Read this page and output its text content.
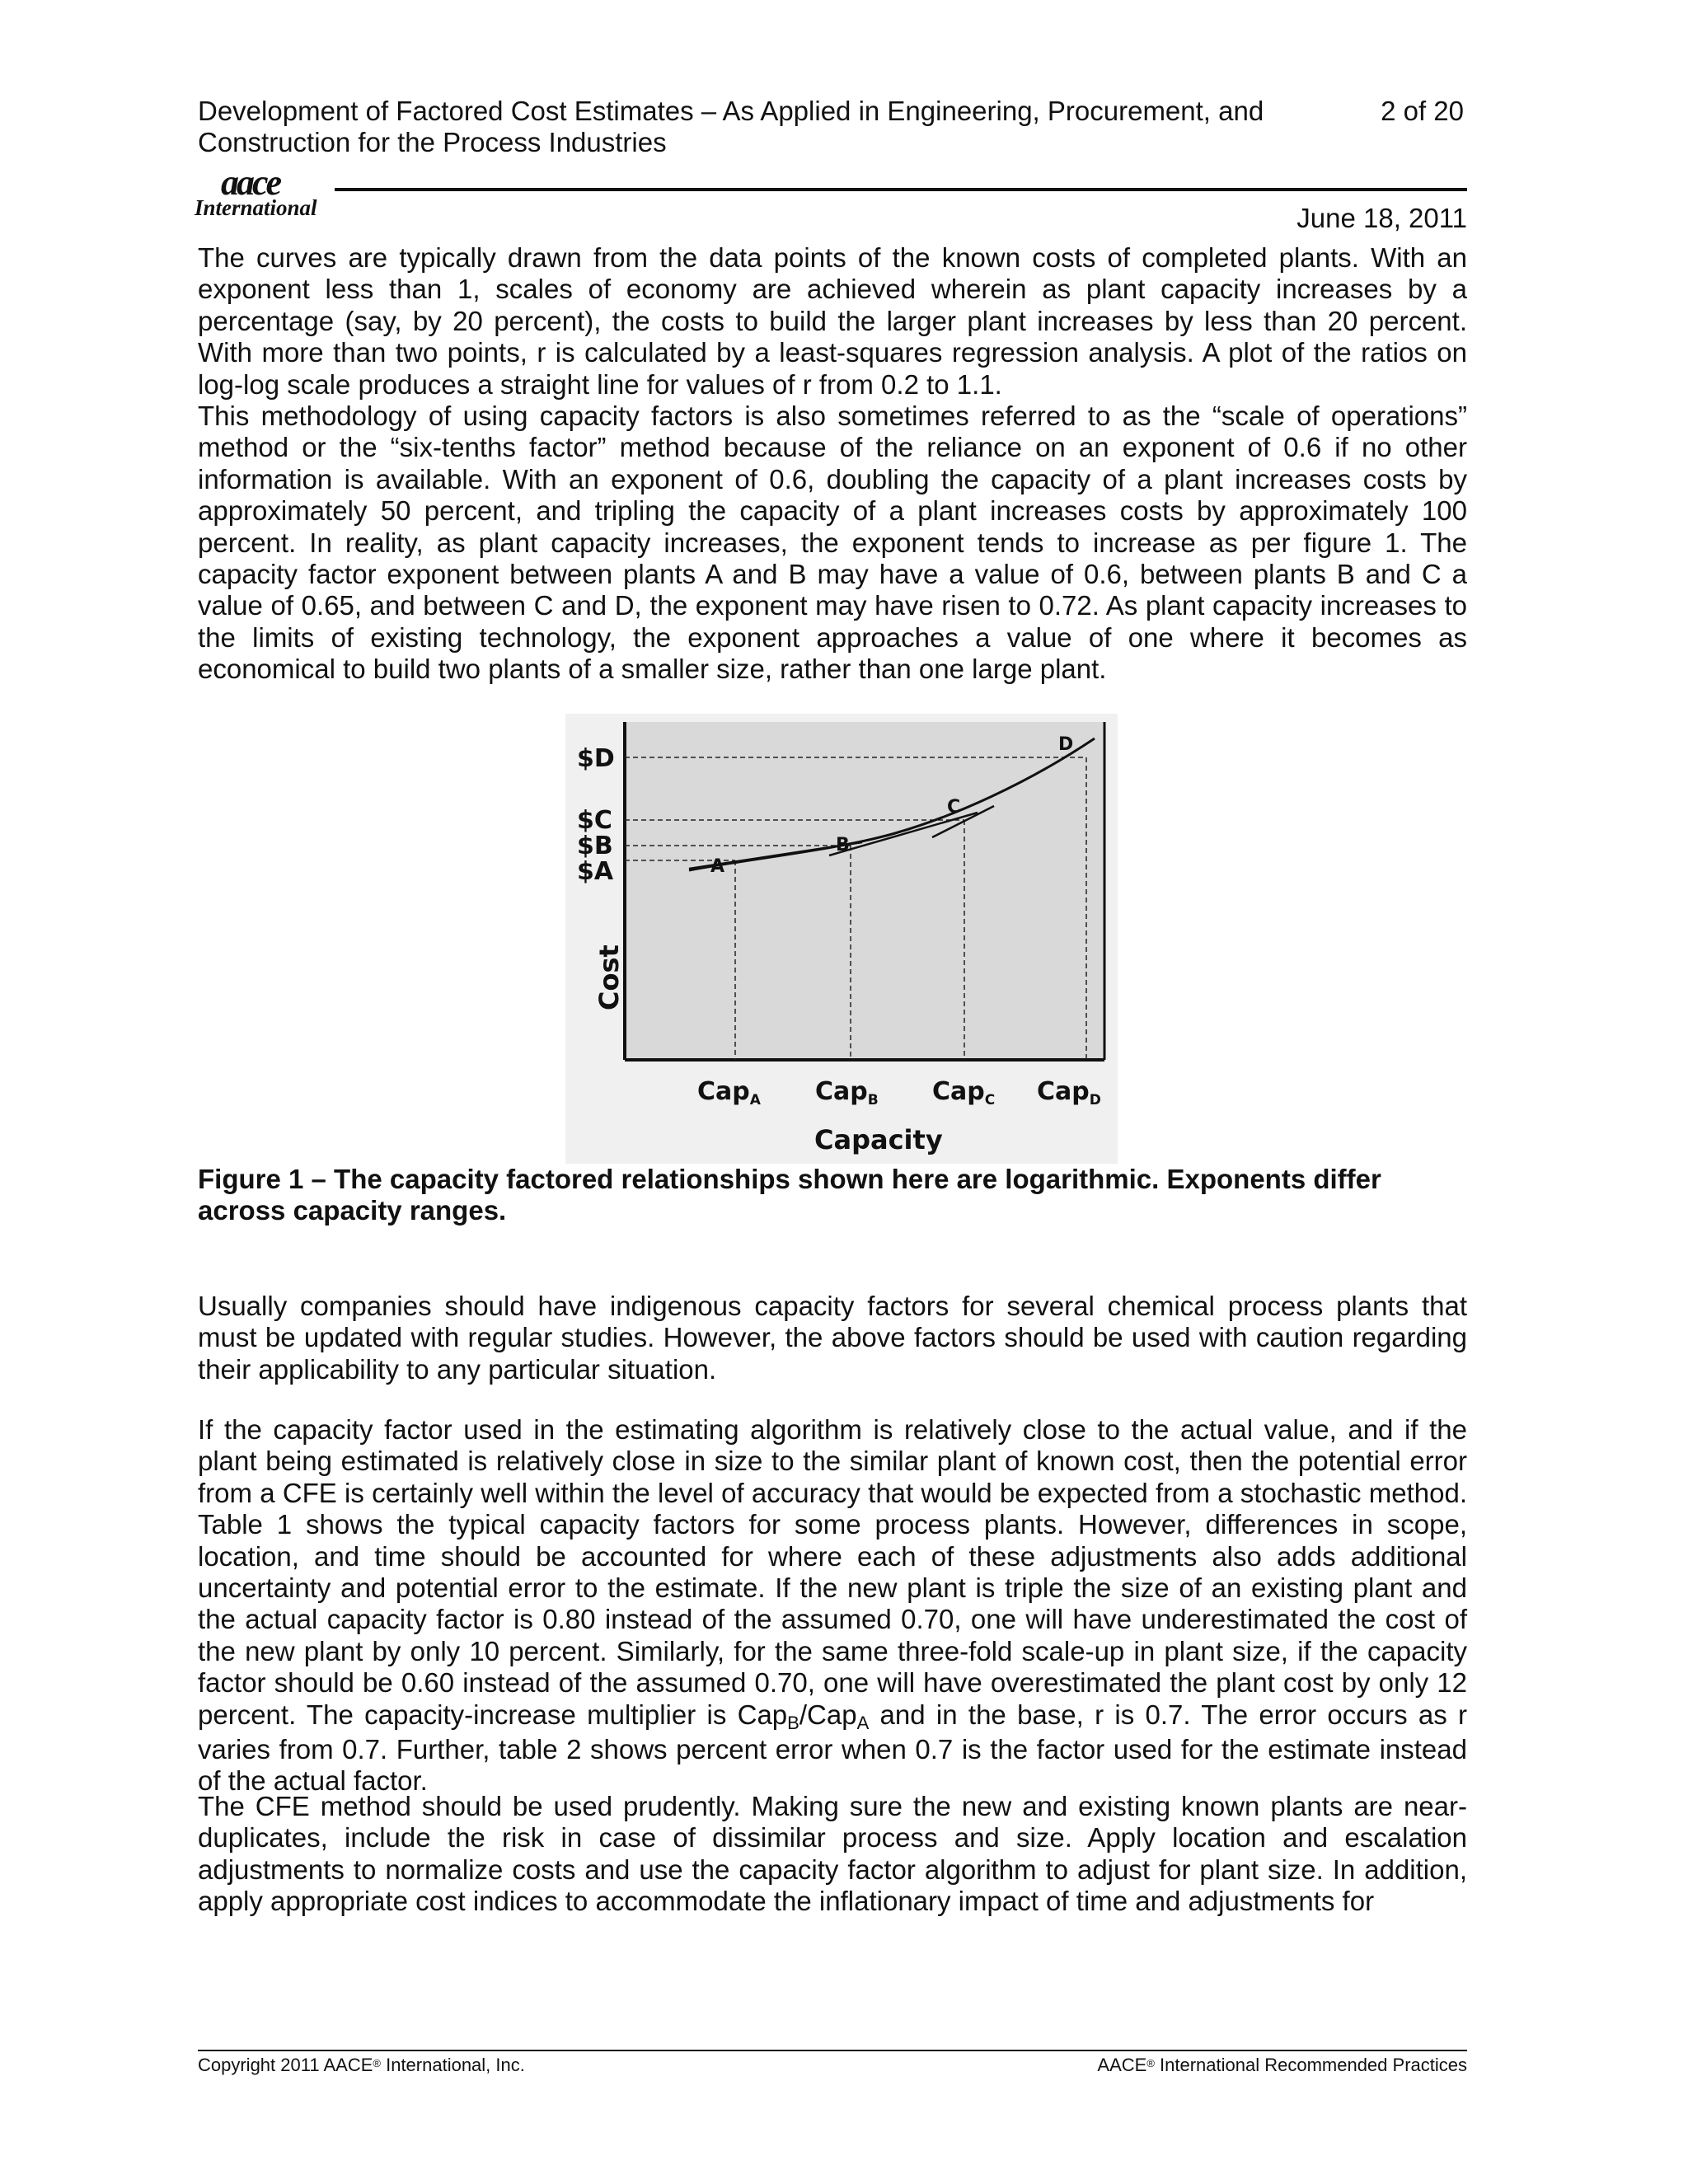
Development of Factored Cost Estimates – As Applied in Engineering, Procurement, and Construction for the Process Industries
2 of 20
aace
International	June 18, 2011

The curves are typically drawn from the data points of the known costs of completed plants. With an exponent less than 1, scales of economy are achieved wherein as plant capacity increases by a percentage (say, by 20 percent), the costs to build the larger plant increases by less than 20 percent. With more than two points, r is calculated by a least-squares regression analysis. A plot of the ratios on log-log scale produces a straight line for values of r from 0.2 to 1.1.

This methodology of using capacity factors is also sometimes referred to as the “scale of operations” method or the “six-tenths factor” method because of the reliance on an exponent of 0.6 if no other information is available. With an exponent of 0.6, doubling the capacity of a plant increases costs by approximately 50 percent, and tripling the capacity of a plant increases costs by approximately 100 percent. In reality, as plant capacity increases, the exponent tends to increase as per figure 1. The capacity factor exponent between plants A and B may have a value of 0.6, between plants B and C a value of 0.65, and between C and D, the exponent may have risen to 0.72. As plant capacity increases to the limits of existing technology, the exponent approaches a value of one where it becomes as economical to build two plants of a smaller size, rather than one large plant.

$D
$C
$B
$A	A
B
C
D
Cost
Cap$_A$ Cap$_B$ Cap$_C$ Cap$_D$
Capacity
Figure 1 – The capacity factored relationships shown here are logarithmic. Exponents differ across capacity ranges.

Usually companies should have indigenous capacity factors for several chemical process plants that must be updated with regular studies. However, the above factors should be used with caution regarding their applicability to any particular situation.

If the capacity factor used in the estimating algorithm is relatively close to the actual value, and if the plant being estimated is relatively close in size to the similar plant of known cost, then the potential error from a CFE is certainly well within the level of accuracy that would be expected from a stochastic method. Table 1 shows the typical capacity factors for some process plants. However, differences in scope, location, and time should be accounted for where each of these adjustments also adds additional uncertainty and potential error to the estimate. If the new plant is triple the size of an existing plant and the actual capacity factor is 0.80 instead of the assumed 0.70, one will have underestimated the cost of the new plant by only 10 percent. Similarly, for the same three-fold scale-up in plant size, if the capacity factor should be 0.60 instead of the assumed 0.70, one will have overestimated the plant cost by only 12 percent. The capacity-increase multiplier is Cap$_B$/Cap$_A$ and in the base, r is 0.7. The error occurs as r varies from 0.7. Further, table 2 shows percent error when 0.7 is the factor used for the estimate instead of the actual factor.

The CFE method should be used prudently. Making sure the new and existing known plants are near-duplicates, include the risk in case of dissimilar process and size. Apply location and escalation adjustments to normalize costs and use the capacity factor algorithm to adjust for plant size. In addition, apply appropriate cost indices to accommodate the inflationary impact of time and adjustments for

Copyright 2011 AACE® International, Inc.	AACE® International Recommended Practices
